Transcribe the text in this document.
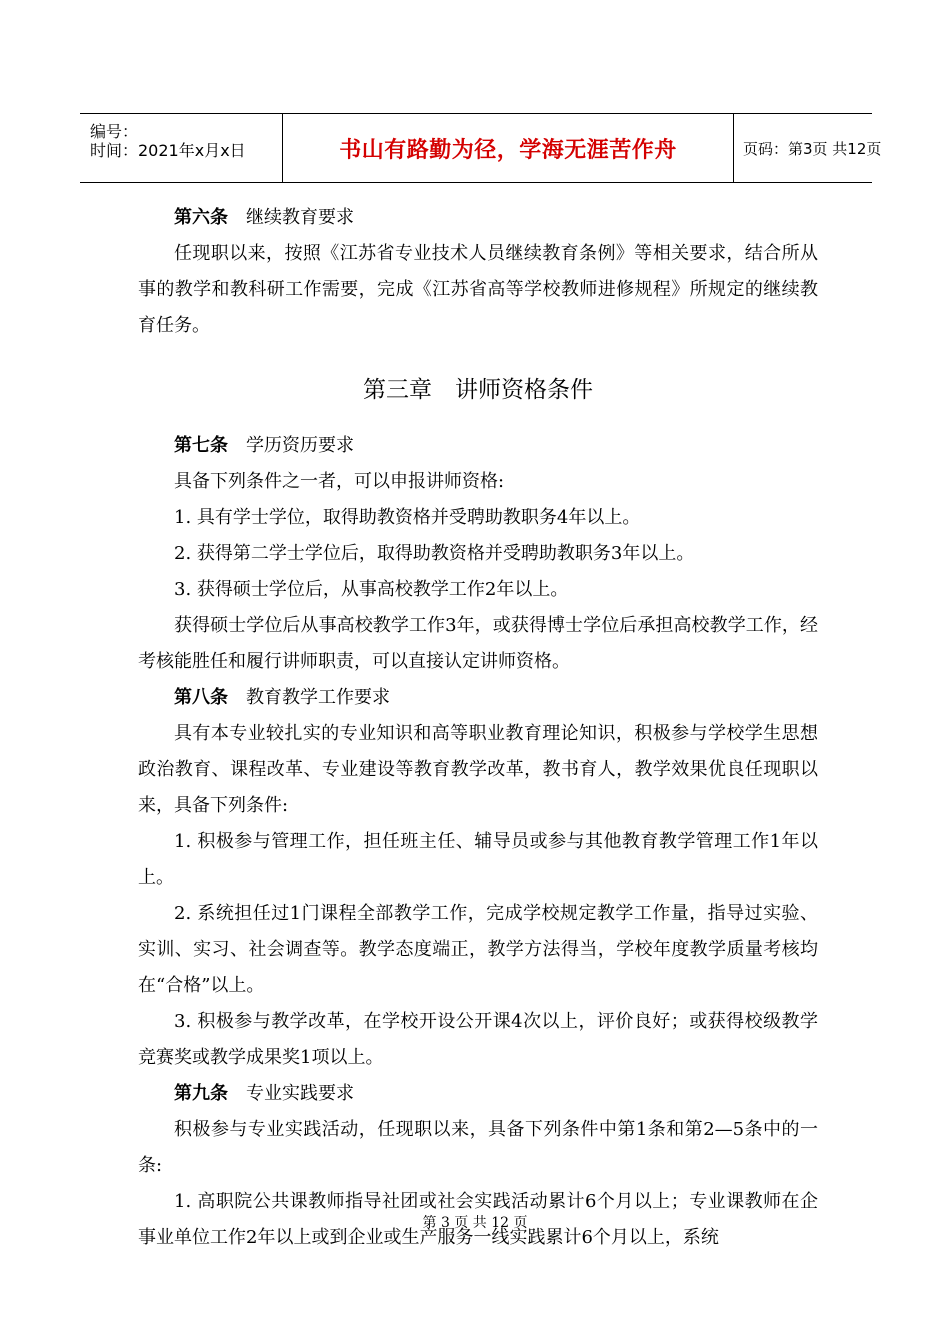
编号：
时间：2021年x月x日	书山有路勤为径，学海无涯苦作舟	页码：第3页 共12页

第六条 继续教育要求

任现职以来，按照《江苏省专业技术人员继续教育条例》等相关要求，结合所从事的教学和教科研工作需要，完成《江苏省高等学校教师进修规程》所规定的继续教育任务。

第三章　讲师资格条件

第七条 学历资历要求

具备下列条件之一者，可以申报讲师资格:

1. 具有学士学位，取得助教资格并受聘助教职务4年以上。

2. 获得第二学士学位后，取得助教资格并受聘助教职务3年以上。

3. 获得硕士学位后，从事高校教学工作2年以上。

获得硕士学位后从事高校教学工作3年，或获得博士学位后承担高校教学工作，经考核能胜任和履行讲师职责，可以直接认定讲师资格。

第八条 教育教学工作要求

具有本专业较扎实的专业知识和高等职业教育理论知识，积极参与学校学生思想政治教育、课程改革、专业建设等教育教学改革，教书育人，教学效果优良任现职以来，具备下列条件:

1. 积极参与管理工作，担任班主任、辅导员或参与其他教育教学管理工作1年以上。

2. 系统担任过1门课程全部教学工作，完成学校规定教学工作量，指导过实验、实训、实习、社会调查等。教学态度端正，教学方法得当，学校年度教学质量考核均在“合格”以上。

3. 积极参与教学改革，在学校开设公开课4次以上，评价良好；或获得校级教学竞赛奖或教学成果奖1项以上。

第九条 专业实践要求

积极参与专业实践活动，任现职以来，具备下列条件中第1条和第2—5条中的一条:

1. 高职院公共课教师指导社团或社会实践活动累计6个月以上；专业课教师在企事业单位工作2年以上或到企业或生产服务一线实践累计6个月以上，系统

第 3 页 共 12 页
